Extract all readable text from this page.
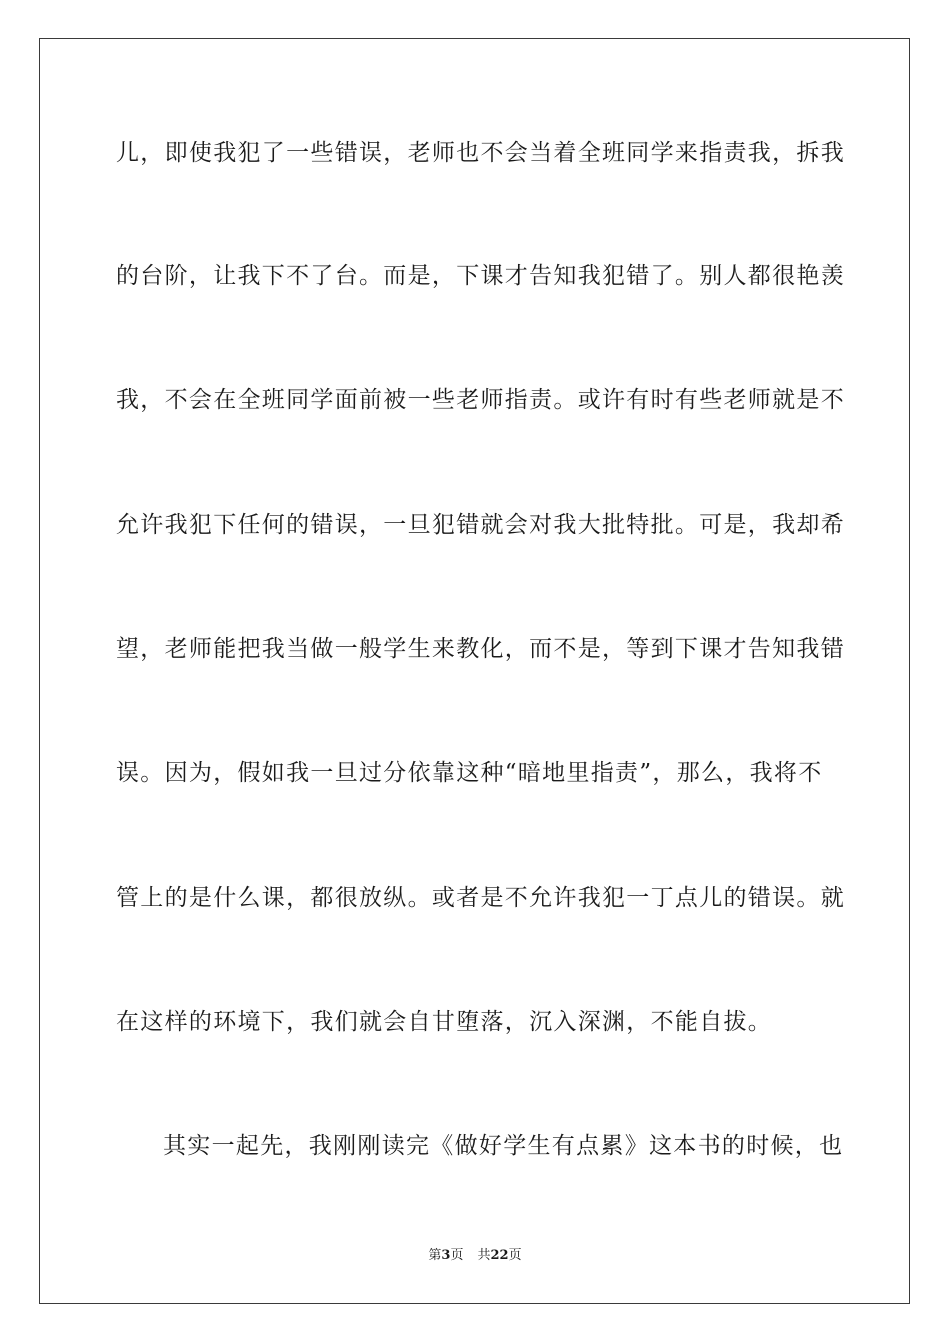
儿，即使我犯了一些错误，老师也不会当着全班同学来指责我，拆我
的台阶，让我下不了台。而是，下课才告知我犯错了。别人都很艳羡
我，不会在全班同学面前被一些老师指责。或许有时有些老师就是不
允许我犯下任何的错误，一旦犯错就会对我大批特批。可是，我却希
望，老师能把我当做一般学生来教化，而不是，等到下课才告知我错
误。因为，假如我一旦过分依靠这种“暗地里指责”，那么，我将不
管上的是什么课，都很放纵。或者是不允许我犯一丁点儿的错误。就
在这样的环境下，我们就会自甘堕落，沉入深渊，不能自拔。
其实一起先，我刚刚读完《做好学生有点累》这本书的时候，也
第3页 共22页
